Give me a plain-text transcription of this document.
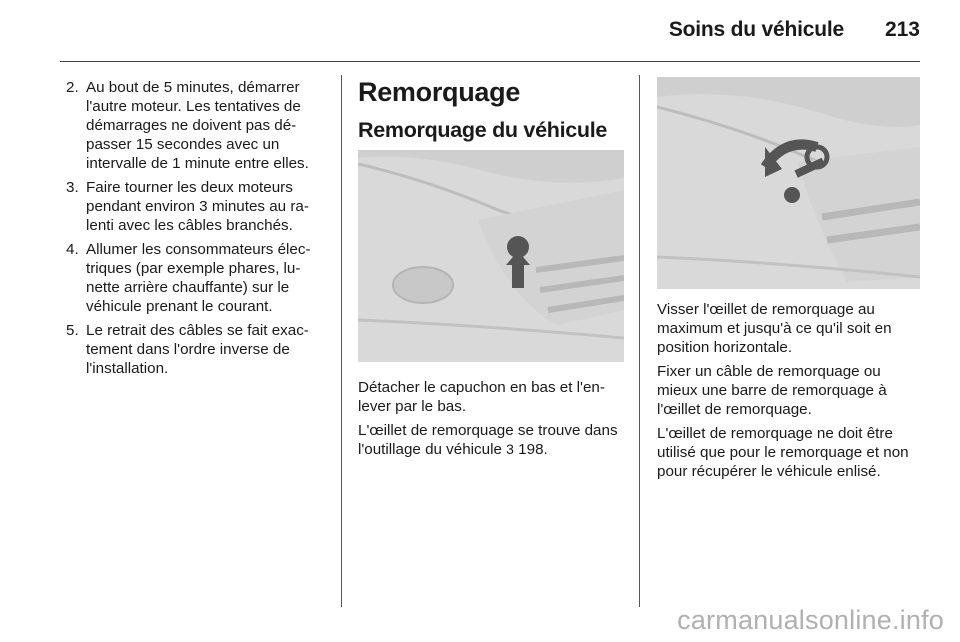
Soins du véhicule 213
2. Au bout de 5 minutes, démarrer l'autre moteur. Les tentatives de démarrages ne doivent pas dé-passer 15 secondes avec un intervalle de 1 minute entre elles.
3. Faire tourner les deux moteurs pendant environ 3 minutes au ra-lenti avec les câbles branchés.
4. Allumer les consommateurs élec-triques (par exemple phares, lu-nette arrière chauffante) sur le véhicule prenant le courant.
5. Le retrait des câbles se fait exac-tement dans l'ordre inverse de l'installation.
Remorquage
Remorquage du véhicule

Détacher le capuchon en bas et l'en-lever par le bas.

L'œillet de remorquage se trouve dans l'outillage du véhicule 3 198.

Visser l'œillet de remorquage au maximum et jusqu'à ce qu'il soit en position horizontale.

Fixer un câble de remorquage ou mieux une barre de remorquage à l'œillet de remorquage.

L'œillet de remorquage ne doit être utilisé que pour le remorquage et non pour récupérer le véhicule enlisé.

carmanualsonline.info
